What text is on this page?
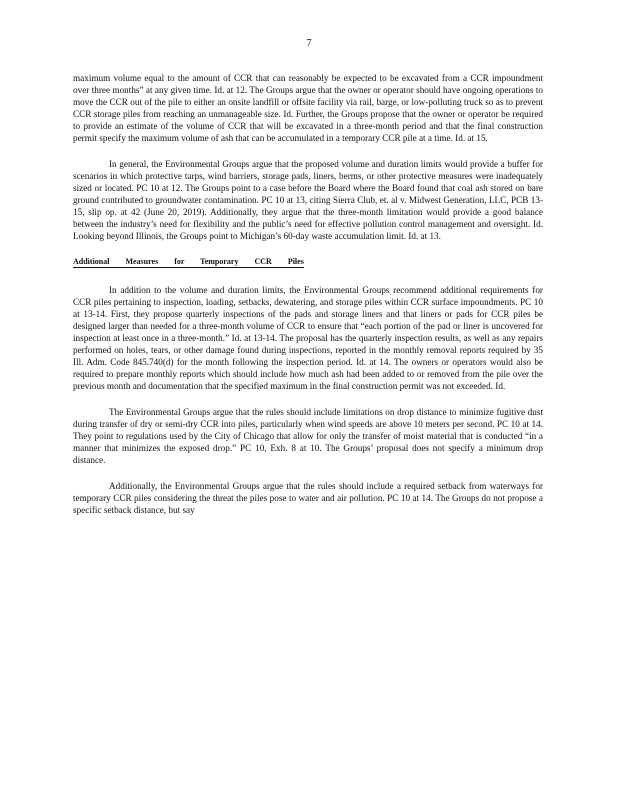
7

maximum volume equal to the amount of CCR that can reasonably be expected to be excavated from a CCR impoundment over three months” at any given time. Id. at 12. The Groups argue that the owner or operator should have ongoing operations to move the CCR out of the pile to either an onsite landfill or offsite facility via rail, barge, or low-polluting truck so as to prevent CCR storage piles from reaching an unmanageable size. Id. Further, the Groups propose that the owner or operator be required to provide an estimate of the volume of CCR that will be excavated in a three-month period and that the final construction permit specify the maximum volume of ash that can be accumulated in a temporary CCR pile at a time. Id. at 15.

In general, the Environmental Groups argue that the proposed volume and duration limits would provide a buffer for scenarios in which protective tarps, wind barriers, storage pads, liners, berms, or other protective measures were inadequately sized or located. PC 10 at 12. The Groups point to a case before the Board where the Board found that coal ash stored on bare ground contributed to groundwater contamination. PC 10 at 13, citing Sierra Club, et. al v. Midwest Generation, LLC, PCB 13-15, slip op. at 42 (June 20, 2019). Additionally, they argue that the three-month limitation would provide a good balance between the industry’s need for flexibility and the public’s need for effective pollution control management and oversight. Id. Looking beyond Illinois, the Groups point to Michigan’s 60-day waste accumulation limit. Id. at 13.

Additional Measures for Temporary CCR Piles

In addition to the volume and duration limits, the Environmental Groups recommend additional requirements for CCR piles pertaining to inspection, loading, setbacks, dewatering, and storage piles within CCR surface impoundments. PC 10 at 13-14. First, they propose quarterly inspections of the pads and storage liners and that liners or pads for CCR piles be designed larger than needed for a three-month volume of CCR to ensure that “each portion of the pad or liner is uncovered for inspection at least once in a three-month.” Id. at 13-14. The proposal has the quarterly inspection results, as well as any repairs performed on holes, tears, or other damage found during inspections, reported in the monthly removal reports required by 35 Ill. Adm. Code 845.740(d) for the month following the inspection period. Id. at 14. The owners or operators would also be required to prepare monthly reports which should include how much ash had been added to or removed from the pile over the previous month and documentation that the specified maximum in the final construction permit was not exceeded. Id.

The Environmental Groups argue that the rules should include limitations on drop distance to minimize fugitive dust during transfer of dry or semi-dry CCR into piles, particularly when wind speeds are above 10 meters per second. PC 10 at 14. They point to regulations used by the City of Chicago that allow for only the transfer of moist material that is conducted “in a manner that minimizes the exposed drop.” PC 10, Exh. 8 at 10. The Groups’ proposal does not specify a minimum drop distance.

Additionally, the Environmental Groups argue that the rules should include a required setback from waterways for temporary CCR piles considering the threat the piles pose to water and air pollution. PC 10 at 14. The Groups do not propose a specific setback distance, but say
